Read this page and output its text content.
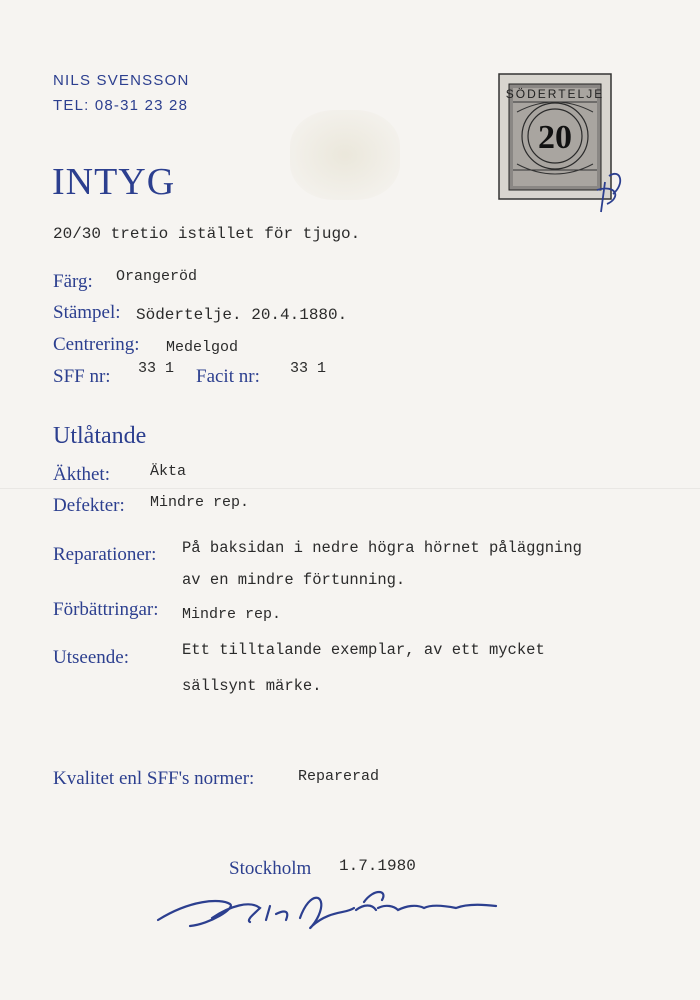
NILS SVENSSON
TEL: 08-31 23 28
20
SÖDERTELJE
INTYG
20/30 tretio istället för tjugo.
Färg: Orangeröd
Stämpel: Södertelje. 20.4.1880.
Centrering: Medelgod
SFF nr: 33 1 Facit nr: 33 1
Utlåtande
Äkthet:	Äkta
Defekter: Mindre rep.
Reparationer: På baksidan i nedre högra hörnet påläggning
av en mindre förtunning.
Förbättringar: Mindre rep.
Utseende:	Ett tilltalande exemplar, av ett mycket
sällsynt märke.
Kvalitet enl SFF's normer:	Reparerad
Stockholm 1.7.1980
